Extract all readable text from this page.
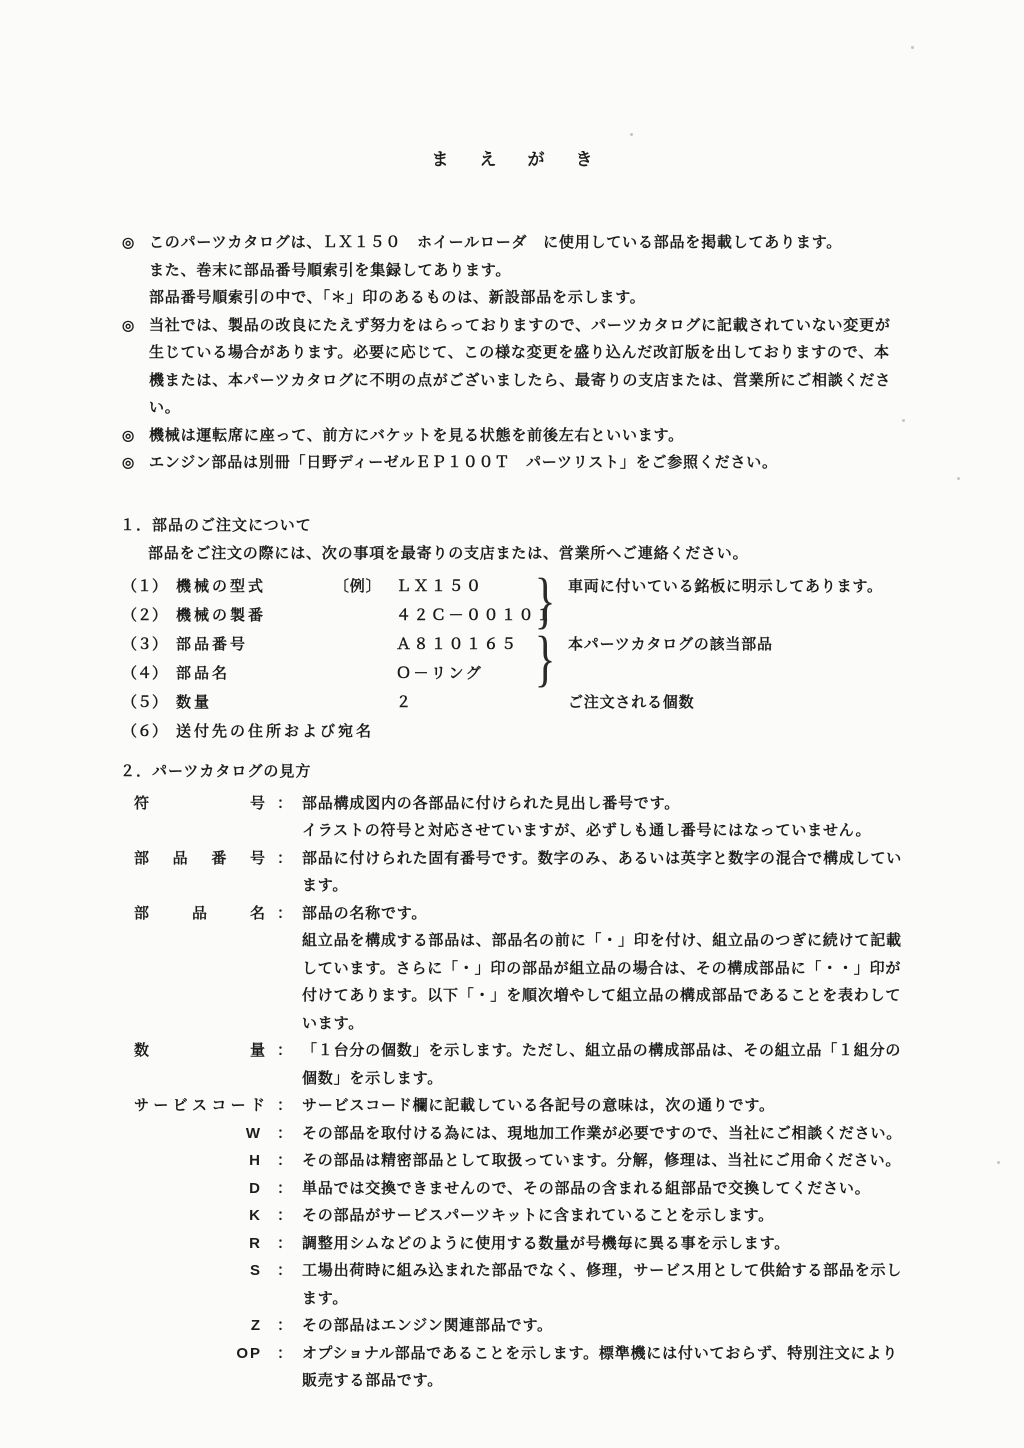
まえがき
◎ このパーツカタログは、ＬＸ１５０　ホイールローダ　に使用している部品を掲載してあります。
また、巻末に部品番号順索引を集録してあります。
部品番号順索引の中で、「＊」印のあるものは、新設部品を示します。
◎ 当社では、製品の改良にたえず努力をはらっておりますので、パーツカタログに記載されていない変更が
生じている場合があります。必要に応じて、この様な変更を盛り込んだ改訂版を出しておりますので、本
機または、本パーツカタログに不明の点がございましたら、最寄りの支店または、営業所にご相談くださ
い。
◎ 機械は運転席に座って、前方にバケットを見る状態を前後左右といいます。
◎ エンジン部品は別冊「日野ディーゼルＥＰ１００Ｔ　パーツリスト」をご参照ください。
１．部品のご注文について
部品をご注文の際には、次の事項を最寄りの支店または、営業所へご連絡ください。
（１） 機械の型式	〔例〕 ＬＸ１５０	車両に付いている銘板に明示してあります。
（２） 機械の製番	４２Ｃ－００１０１
（３） 部品番号	Ａ８１０１６５	本パーツカタログの該当部品
（４） 部品名	Ｏ－リング
（５） 数量	２	ご注文される個数
（６） 送付先の住所および宛名
}
}
２．パーツカタログの見方
符号 ： 部品構成図内の各部品に付けられた見出し番号です。
イラストの符号と対応させていますが、必ずしも通し番号にはなっていません。
部品番号 ： 部品に付けられた固有番号です。数字のみ、あるいは英字と数字の混合で構成してい
ます。
部品名 ： 部品の名称です。
組立品を構成する部品は、部品名の前に「・」印を付け、組立品のつぎに続けて記載
しています。さらに「・」印の部品が組立品の場合は、その構成部品に「・・」印が
付けてあります。以下「・」を順次増やして組立品の構成部品であることを表わして
います。
数量 ： 「１台分の個数」を示します。ただし、組立品の構成部品は、その組立品「１組分の
個数」を示します。
サービスコード ： サービスコード欄に記載している各記号の意味は，次の通りです。
W ： その部品を取付ける為には、現地加工作業が必要ですので、当社にご相談ください。
H ： その部品は精密部品として取扱っています。分解，修理は、当社にご用命ください。
D ： 単品では交換できませんので、その部品の含まれる組部品で交換してください。
K ： その部品がサービスパーツキットに含まれていることを示します。
R ： 調整用シムなどのように使用する数量が号機毎に異る事を示します。
S ： 工場出荷時に組み込まれた部品でなく、修理，サービス用として供給する部品を示し
ます。
Z ： その部品はエンジン関連部品です。
OP ： オプショナル部品であることを示します。標準機には付いておらず、特別注文により
販売する部品です。
